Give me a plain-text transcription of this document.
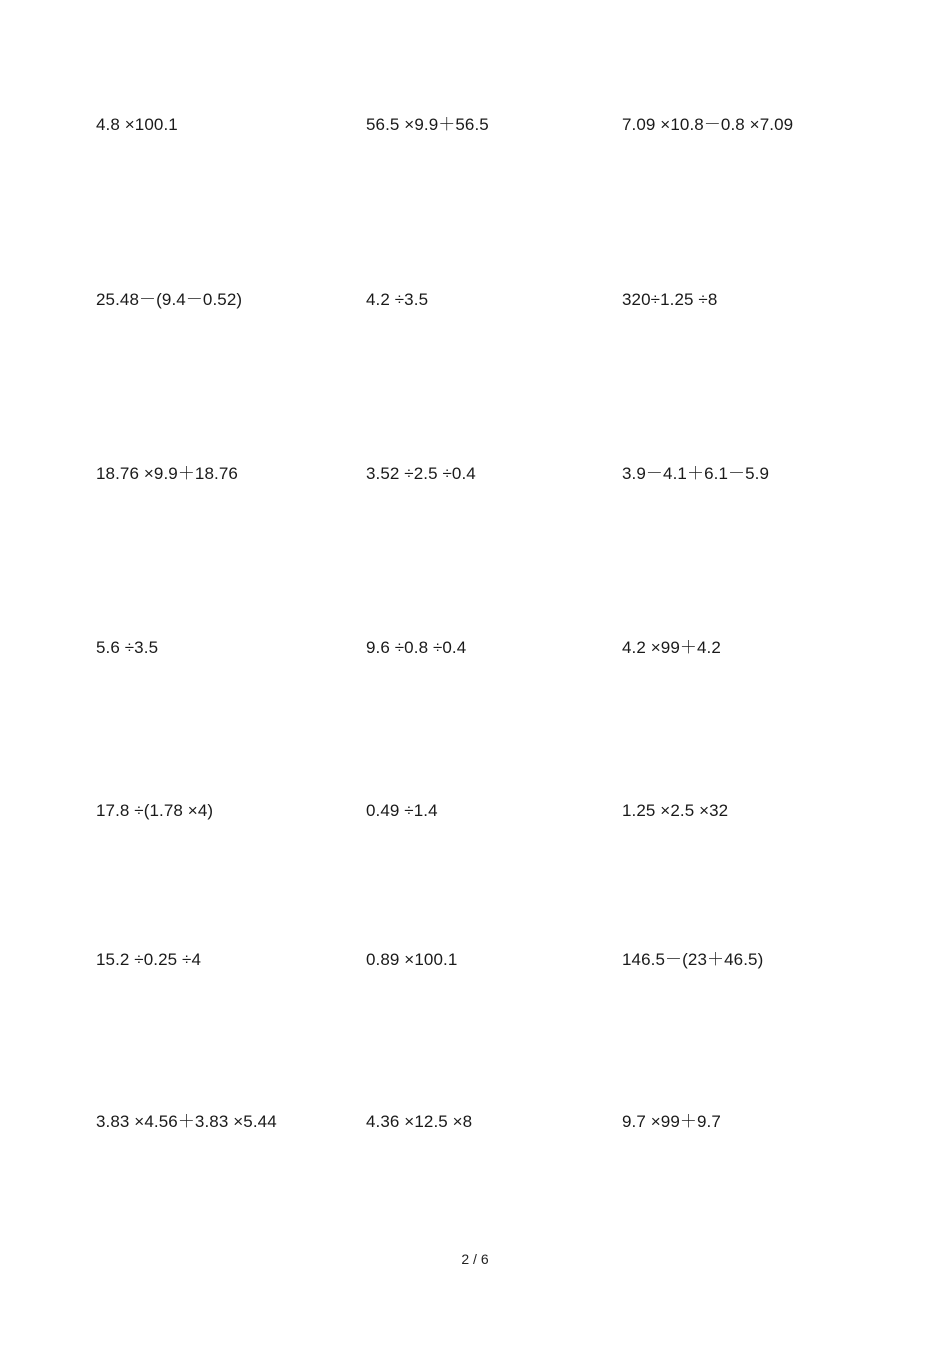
4.8 ×100.1	56.5 ×9.9＋56.5	7.09 ×10.8－0.8 ×7.09
25.48－(9.4－0.52)	4.2 ÷3.5	320÷1.25 ÷8
18.76 ×9.9＋18.76	3.52 ÷2.5 ÷0.4	3.9－4.1＋6.1－5.9
5.6 ÷3.5	9.6 ÷0.8 ÷0.4	4.2 ×99＋4.2
17.8 ÷(1.78 ×4)	0.49 ÷1.4	1.25 ×2.5 ×32
15.2 ÷0.25 ÷4	0.89 ×100.1	146.5－(23＋46.5)
3.83 ×4.56＋3.83 ×5.44	4.36 ×12.5 ×8	9.7 ×99＋9.7
2 / 6
